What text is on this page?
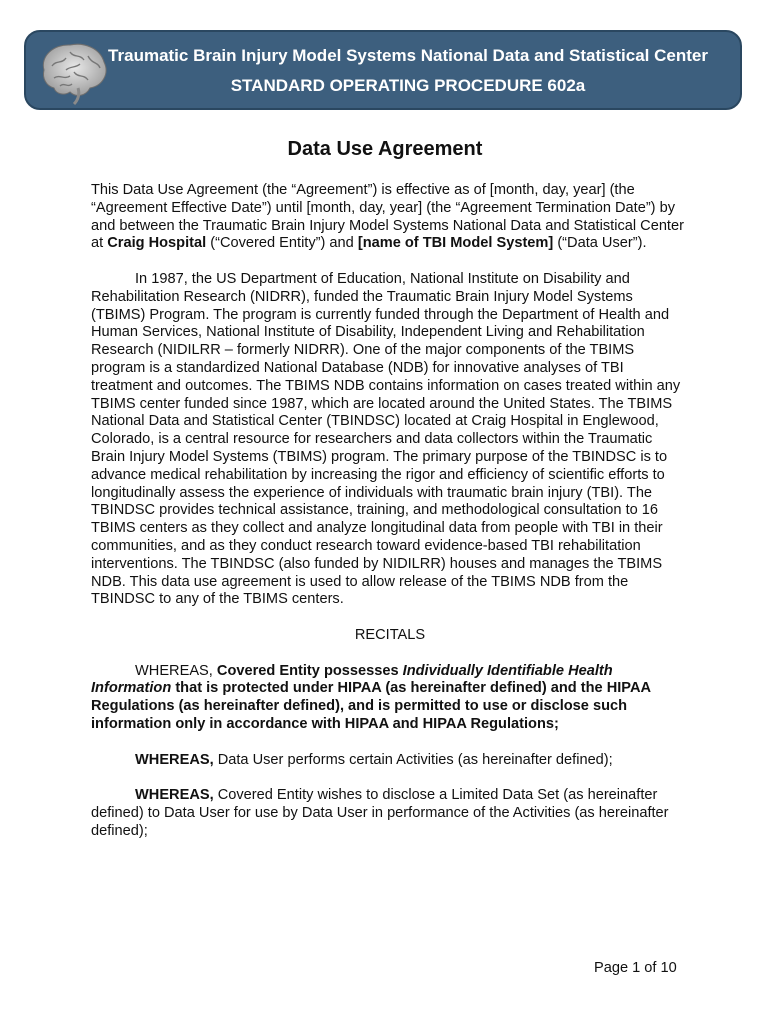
Traumatic Brain Injury Model Systems National Data and Statistical Center
STANDARD OPERATING PROCEDURE 602a
Data Use Agreement

This Data Use Agreement (the “Agreement”) is effective as of [month, day, year] (the “Agreement Effective Date”) until [month, day, year] (the “Agreement Termination Date”) by and between the Traumatic Brain Injury Model Systems National Data and Statistical Center at Craig Hospital (“Covered Entity”) and [name of TBI Model System] (“Data User”).

In 1987, the US Department of Education, National Institute on Disability and Rehabilitation Research (NIDRR), funded the Traumatic Brain Injury Model Systems (TBIMS) Program. The program is currently funded through the Department of Health and Human Services, National Institute of Disability, Independent Living and Rehabilitation Research (NIDILRR – formerly NIDRR). One of the major components of the TBIMS program is a standardized National Database (NDB) for innovative analyses of TBI treatment and outcomes. The TBIMS NDB contains information on cases treated within any TBIMS center funded since 1987, which are located around the United States. The TBIMS National Data and Statistical Center (TBINDSC) located at Craig Hospital in Englewood, Colorado, is a central resource for researchers and data collectors within the Traumatic Brain Injury Model Systems (TBIMS) program. The primary purpose of the TBINDSC is to advance medical rehabilitation by increasing the rigor and efficiency of scientific efforts to longitudinally assess the experience of individuals with traumatic brain injury (TBI). The TBINDSC provides technical assistance, training, and methodological consultation to 16 TBIMS centers as they collect and analyze longitudinal data from people with TBI in their communities, and as they conduct research toward evidence-based TBI rehabilitation interventions. The TBINDSC (also funded by NIDILRR) houses and manages the TBIMS NDB. This data use agreement is used to allow release of the TBIMS NDB from the TBINDSC to any of the TBIMS centers.

RECITALS

WHEREAS, Covered Entity possesses Individually Identifiable Health Information that is protected under HIPAA (as hereinafter defined) and the HIPAA Regulations (as hereinafter defined), and is permitted to use or disclose such information only in accordance with HIPAA and HIPAA Regulations;

WHEREAS, Data User performs certain Activities (as hereinafter defined);

WHEREAS, Covered Entity wishes to disclose a Limited Data Set (as hereinafter defined) to Data User for use by Data User in performance of the Activities (as hereinafter defined);

Page 1 of 10
